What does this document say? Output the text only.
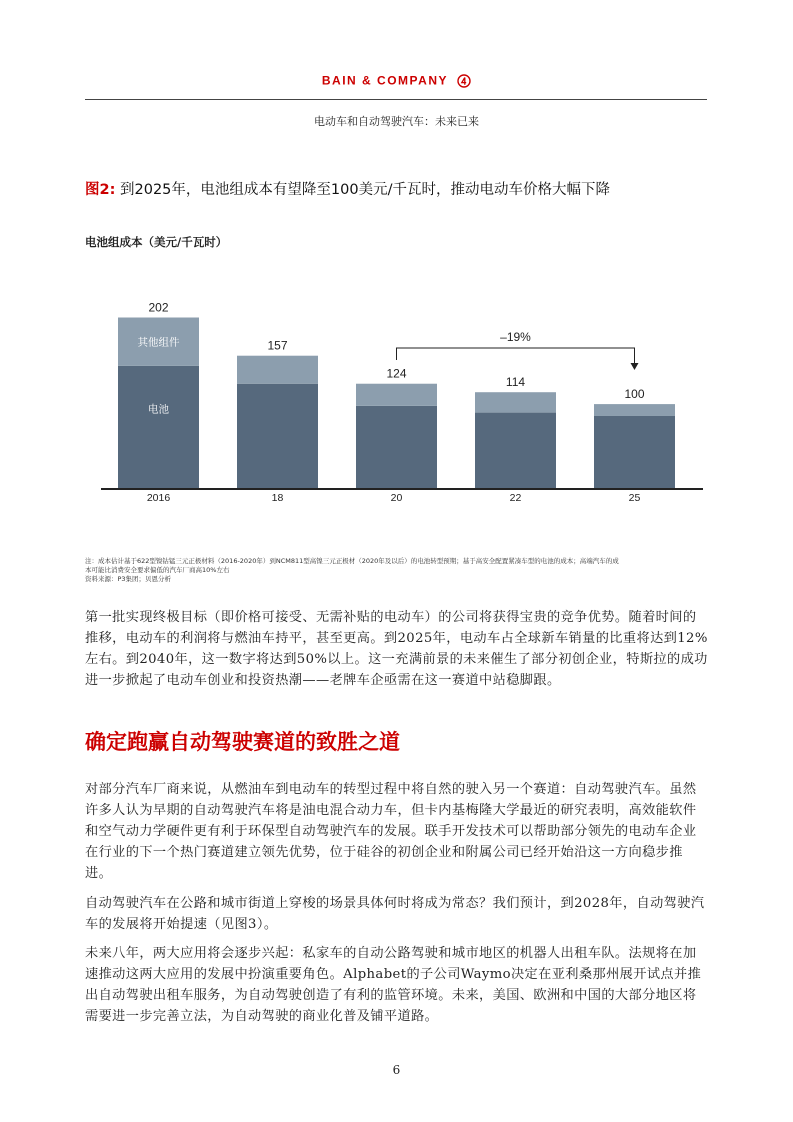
BAIN & COMPANY
电动车和自动驾驶汽车：未来已来
图2: 到2025年，电池组成本有望降至100美元/千瓦时，推动电动车价格大幅下降
电池组成本（美元/千瓦时）
202
2016
157
18
124
20
114
22
100
25
其他组件
电池
–19%
注：成本估计基于622型镍钴锰三元正极材料（2016-2020年）到NCM811型高镍三元正极材（2020年及以后）的电池转型预期；基于高安全配置紧凑车型的电池的成本；高端汽车的成
本可能比消费安全要求偏低的汽车厂商高10%左右
资料来源：P3集团；贝恩分析
第一批实现终极目标（即价格可接受、无需补贴的电动车）的公司将获得宝贵的竞争优势。随着时间的推移，电动车的利润将与燃油车持平，甚至更高。到2025年，电动车占全球新车销量的比重将达到12%左右。到2040年，这一数字将达到50%以上。这一充满前景的未来催生了部分初创企业，特斯拉的成功进一步掀起了电动车创业和投资热潮——老牌车企亟需在这一赛道中站稳脚跟。
确定跑赢自动驾驶赛道的致胜之道
对部分汽车厂商来说，从燃油车到电动车的转型过程中将自然的驶入另一个赛道：自动驾驶汽车。虽然许多人认为早期的自动驾驶汽车将是油电混合动力车，但卡内基梅隆大学最近的研究表明，高效能软件和空气动力学硬件更有利于环保型自动驾驶汽车的发展。联手开发技术可以帮助部分领先的电动车企业在行业的下一个热门赛道建立领先优势，位于硅谷的初创企业和附属公司已经开始沿这一方向稳步推进。
自动驾驶汽车在公路和城市街道上穿梭的场景具体何时将成为常态？我们预计，到2028年，自动驾驶汽车的发展将开始提速（见图3）。
未来八年，两大应用将会逐步兴起：私家车的自动公路驾驶和城市地区的机器人出租车队。法规将在加速推动这两大应用的发展中扮演重要角色。Alphabet的子公司Waymo决定在亚利桑那州展开试点并推出自动驾驶出租车服务，为自动驾驶创造了有利的监管环境。未来，美国、欧洲和中国的大部分地区将需要进一步完善立法，为自动驾驶的商业化普及铺平道路。
6
